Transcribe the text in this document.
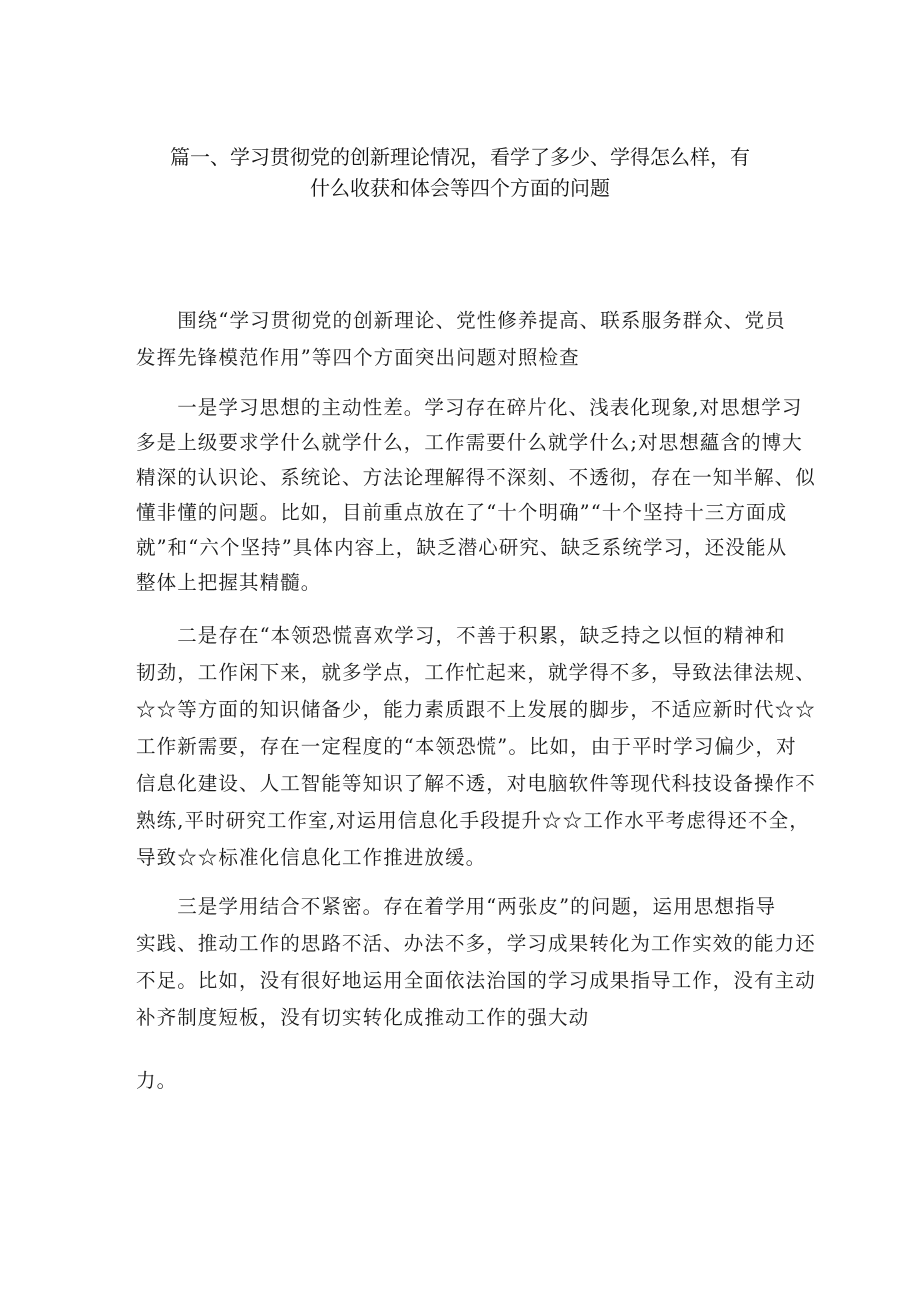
篇一、学习贯彻党的创新理论情况，看学了多少、学得怎么样，有
什么收获和体会等四个方面的问题
　　围绕“学习贯彻党的创新理论、党性修养提高、联系服务群众、党员
发挥先锋模范作用”等四个方面突出问题对照检查
　　一是学习思想的主动性差。学习存在碎片化、浅表化现象,对思想学习
多是上级要求学什么就学什么，工作需要什么就学什么;对思想蘊含的博大
精深的认识论、系统论、方法论理解得不深刻、不透彻，存在一知半解、似
懂非懂的问题。比如，目前重点放在了“十个明确”“十个坚持十三方面成
就”和“六个坚持”具体内容上，缺乏潜心研究、缺乏系统学习，还没能从
整体上把握其精髓。
　　二是存在“本领恐慌喜欢学习，不善于积累，缺乏持之以恒的精神和
韧劲，工作闲下来，就多学点，工作忙起来，就学得不多，导致法律法规、
☆☆等方面的知识储备少，能力素质跟不上发展的脚步，不适应新时代☆☆
工作新需要，存在一定程度的“本领恐慌”。比如，由于平时学习偏少，对
信息化建设、人工智能等知识了解不透，对电脑软件等现代科技设备操作不
熟练,平时研究工作室,对运用信息化手段提升☆☆工作水平考虑得还不全，
导致☆☆标准化信息化工作推进放缓。
　　三是学用结合不紧密。存在着学用“两张皮”的问题，运用思想指导
实践、推动工作的思路不活、办法不多，学习成果转化为工作实效的能力还
不足。比如，没有很好地运用全面依法治国的学习成果指导工作，没有主动
补齐制度短板，没有切实转化成推动工作的强大动
力。
